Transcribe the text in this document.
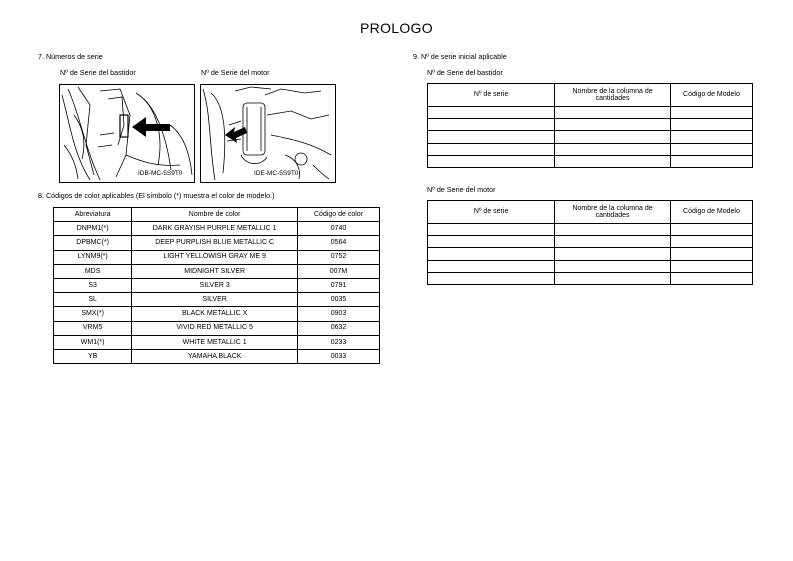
PROLOGO
7. Números de serie
Nº de Serie del bastidor	Nº de Serie del motor
IDB-MC-5S9T0	IDE-MC-5S9T0
8. Códigos de color aplicables (El símbolo (*) muestra el color de modelo.)
Abreviatura	Nombre de color	Código de color
DNPM1(*)	DARK GRAYISH PURPLE METALLIC 1	0740
DPBMC(*)	DEEP PURPLISH BLUE METALLIC C	0564
LYNM9(*)	LIGHT YELLOWISH GRAY ME 9	0752
MDS	MIDNIGHT SILVER	007M
S3	SILVER 3	0791
SL	SILVER	0035
SMX(*)	BLACK METALLIC X	0903
VRM5	VIVID RED METALLIC 5	0632
WM1(*)	WHITE METALLIC 1	0233
YB	YAMAHA BLACK	0033
9. Nº de serie inicial aplicable
Nº de Serie del bastidor
Nº de serie	Nombre de la columna de cantidades	Código de Modelo

Nº de Serie del motor
Nº de serie	Nombre de la columna de cantidades	Código de Modelo
